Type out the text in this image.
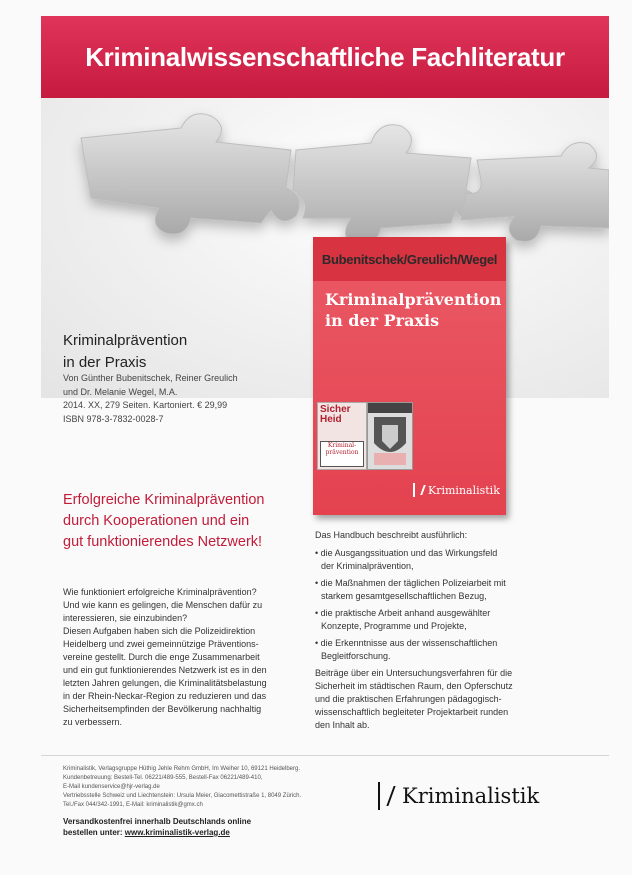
Kriminalwissenschaftliche Fachliteratur
Bubenitschek/Greulich/Wegel
Kriminalprävention
in der Praxis
Sicher
Heid
Kriminal-
prävention
Kriminalistik
Kriminalprävention
in der Praxis
Von Günther Bubenitschek, Reiner Greulich
und Dr. Melanie Wegel, M.A.
2014. XX, 279 Seiten. Kartoniert. € 29,99
ISBN 978-3-7832-0028-7
Erfolgreiche Kriminalprävention
durch Kooperationen und ein
gut funktionierendes Netzwerk!
Wie funktioniert erfolgreiche Kriminalprävention?
Und wie kann es gelingen, die Menschen dafür zu
interessieren, sie einzubinden?
Diesen Aufgaben haben sich die Polizeidirektion
Heidelberg und zwei gemeinnützige Präventions-
vereine gestellt. Durch die enge Zusammenarbeit
und ein gut funktionierendes Netzwerk ist es in den
letzten Jahren gelungen, die Kriminalitätsbelastung
in der Rhein-Neckar-Region zu reduzieren und das
Sicherheitsempfinden der Bevölkerung nachhaltig
zu verbessern.
Das Handbuch beschreibt ausführlich:
• die Ausgangssituation und das Wirkungsfeld
der Kriminalprävention,
• die Maßnahmen der täglichen Polizeiarbeit mit
starkem gesamtgesellschaftlichen Bezug,
• die praktische Arbeit anhand ausgewählter
Konzepte, Programme und Projekte,
• die Erkenntnisse aus der wissenschaftlichen
Begleitforschung.
Beiträge über ein Untersuchungsverfahren für die
Sicherheit im städtischen Raum, den Opferschutz
und die praktischen Erfahrungen pädagogisch-
wissenschaftlich begleiteter Projektarbeit runden
den Inhalt ab.
Kriminalistik, Verlagsgruppe Hüthig Jehle Rehm GmbH, Im Weiher 10, 69121 Heidelberg.
Kundenbetreuung: Bestell-Tel. 06221/489-555, Bestell-Fax 06221/489-410,
E-Mail kundenservice@hjr-verlag.de
Vertriebsstelle Schweiz und Liechtenstein: Ursula Meier, Giacomettistraße 1, 8049 Zürich.
Tel./Fax 044/342-1991, E-Mail: kriminalistik@gmx.ch
Versandkostenfrei innerhalb Deutschlands online
bestellen unter: www.kriminalistik-verlag.de
Kriminalistik
